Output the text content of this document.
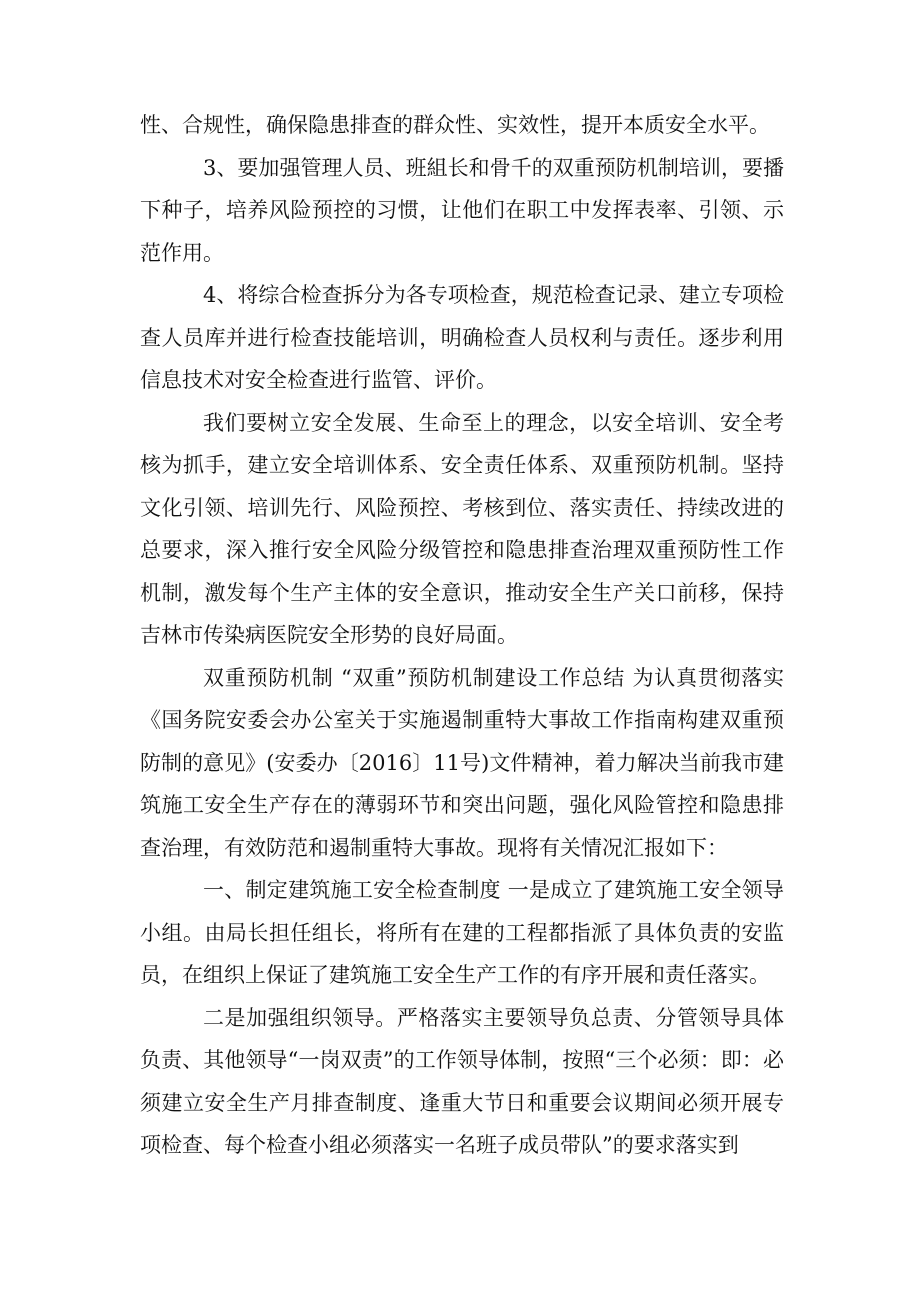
性、合规性，确保隐患排查的群众性、实效性，提开本质安全水平。

3、要加强管理人员、班組长和骨千的双重预防机制培训，要播下种子，培养风险预控的习惯，让他们在职工中发挥表率、引领、示范作用。

4、将综合检查拆分为各专项检查，规范检查记录、建立专项检查人员库并进行检查技能培训，明确检查人员权利与责任。逐步利用信息技术对安全检查进行监管、评价。

我们要树立安全发展、生命至上的理念，以安全培训、安全考核为抓手，建立安全培训体系、安全责任体系、双重预防机制。坚持文化引领、培训先行、风险预控、考核到位、落实责任、持续改进的总要求，深入推行安全风险分级管控和隐患排查治理双重预防性工作机制，激发每个生产主体的安全意识，推动安全生产关口前移，保持吉林市传染病医院安全形势的良好局面。

双重预防机制 “双重”预防机制建设工作总结 为认真贯彻落实《国务院安委会办公室关于实施遏制重特大事故工作指南构建双重预防制的意见》(安委办〔2016〕11号)文件精神，着力解决当前我市建筑施工安全生产存在的薄弱环节和突出问题，强化风险管控和隐患排查治理，有效防范和遏制重特大事故。现将有关情况汇报如下：

一、制定建筑施工安全检查制度 一是成立了建筑施工安全领导小组。由局长担任组长，将所有在建的工程都指派了具体负责的安监员，在组织上保证了建筑施工安全生产工作的有序开展和责任落实。

二是加强组织领导。严格落实主要领导负总责、分管领导具体负责、其他领导“一岗双责”的工作领导体制，按照“三个必须：即：必须建立安全生产月排查制度、逢重大节日和重要会议期间必须开展专项检查、每个检查小组必须落实一名班子成员带队”的要求落实到
